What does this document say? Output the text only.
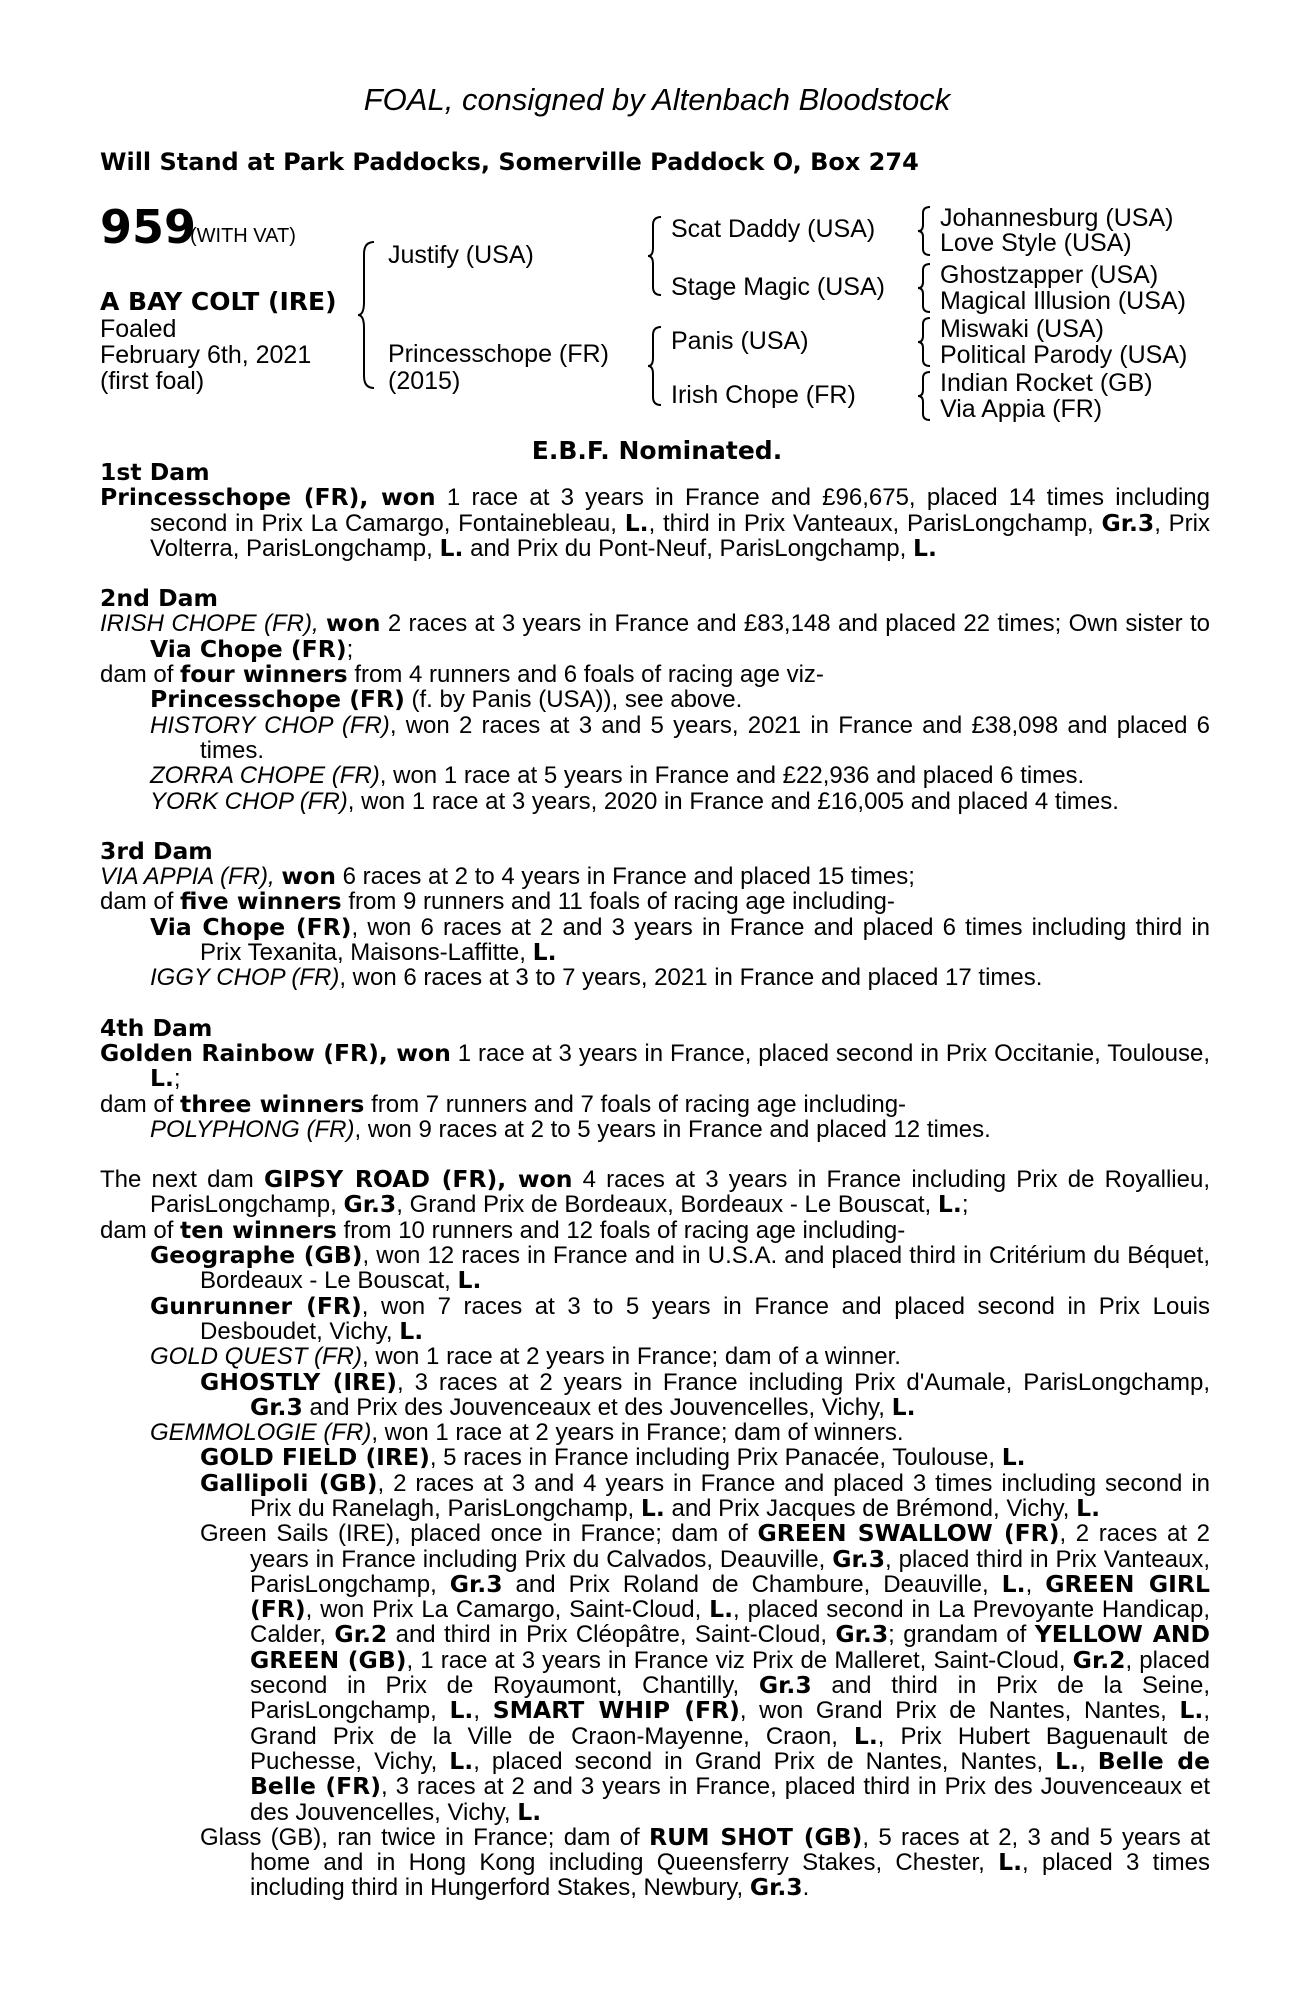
FOAL, consigned by Altenbach Bloodstock
Will Stand at Park Paddocks, Somerville Paddock O, Box 274
959
(WITH VAT)
A BAY COLT (IRE)
Foaled
February 6th, 2021
(first foal)
Justify (USA)
Princesschope (FR)
(2015)
Scat Daddy (USA)
Stage Magic (USA)
Panis (USA)
Irish Chope (FR)
Johannesburg (USA)
Love Style (USA)
Ghostzapper (USA)
Magical Illusion (USA)
Miswaki (USA)
Political Parody (USA)
Indian Rocket (GB)
Via Appia (FR)
E.B.F. Nominated.

1st Dam

Princesschope (FR), won 1 race at 3 years in France and £96,675, placed 14 times including second in Prix La Camargo, Fontainebleau, L., third in Prix Vanteaux, ParisLongchamp, Gr.3, Prix Volterra, ParisLongchamp, L. and Prix du Pont-Neuf, ParisLongchamp, L.

2nd Dam

IRISH CHOPE (FR), won 2 races at 3 years in France and £83,148 and placed 22 times; Own sister to Via Chope (FR);

dam of four winners from 4 runners and 6 foals of racing age viz-

Princesschope (FR) (f. by Panis (USA)), see above.

HISTORY CHOP (FR), won 2 races at 3 and 5 years, 2021 in France and £38,098 and placed 6 times.

ZORRA CHOPE (FR), won 1 race at 5 years in France and £22,936 and placed 6 times.

YORK CHOP (FR), won 1 race at 3 years, 2020 in France and £16,005 and placed 4 times.

3rd Dam

VIA APPIA (FR), won 6 races at 2 to 4 years in France and placed 15 times;

dam of five winners from 9 runners and 11 foals of racing age including-

Via Chope (FR), won 6 races at 2 and 3 years in France and placed 6 times including third in Prix Texanita, Maisons-Laffitte, L.

IGGY CHOP (FR), won 6 races at 3 to 7 years, 2021 in France and placed 17 times.

4th Dam

Golden Rainbow (FR), won 1 race at 3 years in France, placed second in Prix Occitanie, Toulouse, L.;

dam of three winners from 7 runners and 7 foals of racing age including-

POLYPHONG (FR), won 9 races at 2 to 5 years in France and placed 12 times.

The next dam GIPSY ROAD (FR), won 4 races at 3 years in France including Prix de Royallieu, ParisLongchamp, Gr.3, Grand Prix de Bordeaux, Bordeaux - Le Bouscat, L.;

dam of ten winners from 10 runners and 12 foals of racing age including-

Geographe (GB), won 12 races in France and in U.S.A. and placed third in Critérium du Béquet, Bordeaux - Le Bouscat, L.

Gunrunner (FR), won 7 races at 3 to 5 years in France and placed second in Prix Louis Desboudet, Vichy, L.

GOLD QUEST (FR), won 1 race at 2 years in France; dam of a winner.

GHOSTLY (IRE), 3 races at 2 years in France including Prix d'Aumale, ParisLongchamp, Gr.3 and Prix des Jouvenceaux et des Jouvencelles, Vichy, L.

GEMMOLOGIE (FR), won 1 race at 2 years in France; dam of winners.

GOLD FIELD (IRE), 5 races in France including Prix Panacée, Toulouse, L.

Gallipoli (GB), 2 races at 3 and 4 years in France and placed 3 times including second in Prix du Ranelagh, ParisLongchamp, L. and Prix Jacques de Brémond, Vichy, L.

Green Sails (IRE), placed once in France; dam of GREEN SWALLOW (FR), 2 races at 2 years in France including Prix du Calvados, Deauville, Gr.3, placed third in Prix Vanteaux, ParisLongchamp, Gr.3 and Prix Roland de Chambure, Deauville, L., GREEN GIRL (FR), won Prix La Camargo, Saint-Cloud, L., placed second in La Prevoyante Handicap, Calder, Gr.2 and third in Prix Cléopâtre, Saint-Cloud, Gr.3; grandam of YELLOW AND GREEN (GB), 1 race at 3 years in France viz Prix de Malleret, Saint-Cloud, Gr.2, placed second in Prix de Royaumont, Chantilly, Gr.3 and third in Prix de la Seine, ParisLongchamp, L., SMART WHIP (FR), won Grand Prix de Nantes, Nantes, L., Grand Prix de la Ville de Craon-Mayenne, Craon, L., Prix Hubert Baguenault de Puchesse, Vichy, L., placed second in Grand Prix de Nantes, Nantes, L., Belle de Belle (FR), 3 races at 2 and 3 years in France, placed third in Prix des Jouvenceaux et des Jouvencelles, Vichy, L.

Glass (GB), ran twice in France; dam of RUM SHOT (GB), 5 races at 2, 3 and 5 years at home and in Hong Kong including Queensferry Stakes, Chester, L., placed 3 times including third in Hungerford Stakes, Newbury, Gr.3.
